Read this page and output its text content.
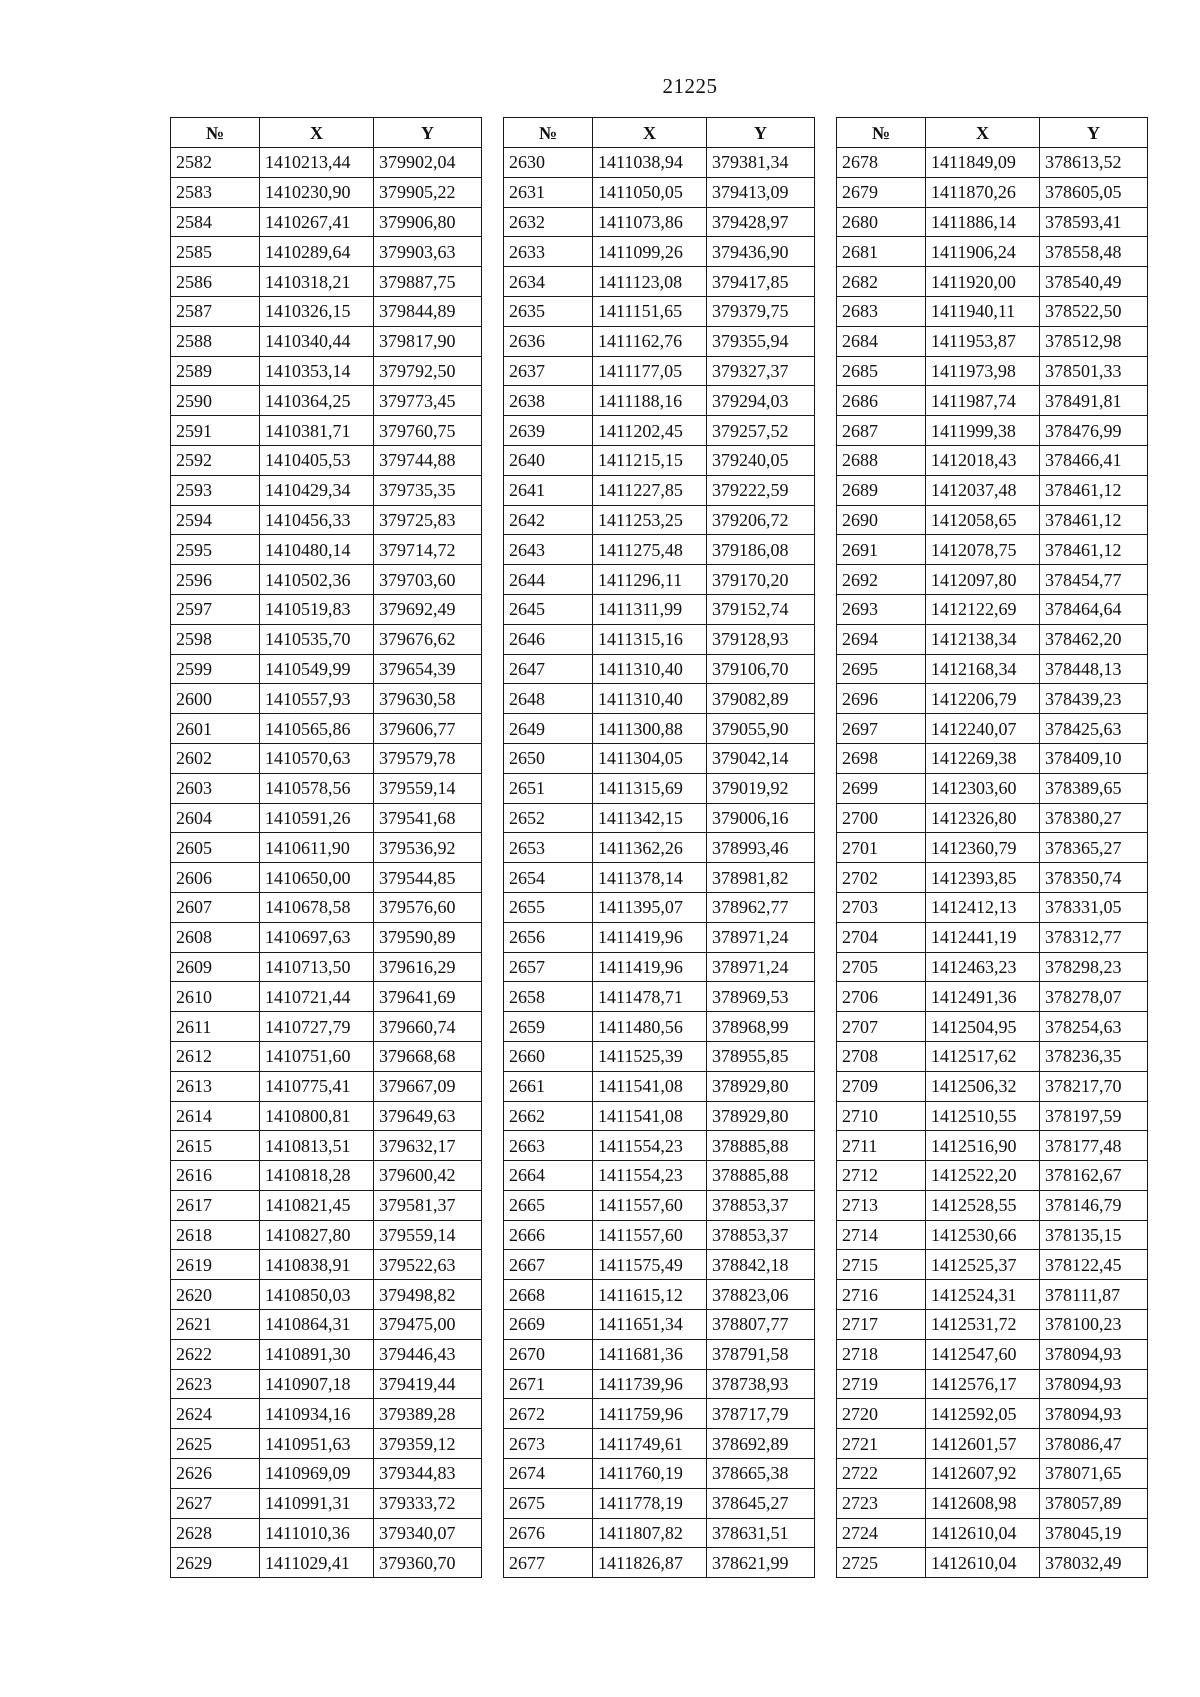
21225
№	X	Y
2582	1410213,44	379902,04
2583	1410230,90	379905,22
2584	1410267,41	379906,80
2585	1410289,64	379903,63
2586	1410318,21	379887,75
2587	1410326,15	379844,89
2588	1410340,44	379817,90
2589	1410353,14	379792,50
2590	1410364,25	379773,45
2591	1410381,71	379760,75
2592	1410405,53	379744,88
2593	1410429,34	379735,35
2594	1410456,33	379725,83
2595	1410480,14	379714,72
2596	1410502,36	379703,60
2597	1410519,83	379692,49
2598	1410535,70	379676,62
2599	1410549,99	379654,39
2600	1410557,93	379630,58
2601	1410565,86	379606,77
2602	1410570,63	379579,78
2603	1410578,56	379559,14
2604	1410591,26	379541,68
2605	1410611,90	379536,92
2606	1410650,00	379544,85
2607	1410678,58	379576,60
2608	1410697,63	379590,89
2609	1410713,50	379616,29
2610	1410721,44	379641,69
2611	1410727,79	379660,74
2612	1410751,60	379668,68
2613	1410775,41	379667,09
2614	1410800,81	379649,63
2615	1410813,51	379632,17
2616	1410818,28	379600,42
2617	1410821,45	379581,37
2618	1410827,80	379559,14
2619	1410838,91	379522,63
2620	1410850,03	379498,82
2621	1410864,31	379475,00
2622	1410891,30	379446,43
2623	1410907,18	379419,44
2624	1410934,16	379389,28
2625	1410951,63	379359,12
2626	1410969,09	379344,83
2627	1410991,31	379333,72
2628	1411010,36	379340,07
2629	1411029,41	379360,70
№	X	Y
2630	1411038,94	379381,34
2631	1411050,05	379413,09
2632	1411073,86	379428,97
2633	1411099,26	379436,90
2634	1411123,08	379417,85
2635	1411151,65	379379,75
2636	1411162,76	379355,94
2637	1411177,05	379327,37
2638	1411188,16	379294,03
2639	1411202,45	379257,52
2640	1411215,15	379240,05
2641	1411227,85	379222,59
2642	1411253,25	379206,72
2643	1411275,48	379186,08
2644	1411296,11	379170,20
2645	1411311,99	379152,74
2646	1411315,16	379128,93
2647	1411310,40	379106,70
2648	1411310,40	379082,89
2649	1411300,88	379055,90
2650	1411304,05	379042,14
2651	1411315,69	379019,92
2652	1411342,15	379006,16
2653	1411362,26	378993,46
2654	1411378,14	378981,82
2655	1411395,07	378962,77
2656	1411419,96	378971,24
2657	1411419,96	378971,24
2658	1411478,71	378969,53
2659	1411480,56	378968,99
2660	1411525,39	378955,85
2661	1411541,08	378929,80
2662	1411541,08	378929,80
2663	1411554,23	378885,88
2664	1411554,23	378885,88
2665	1411557,60	378853,37
2666	1411557,60	378853,37
2667	1411575,49	378842,18
2668	1411615,12	378823,06
2669	1411651,34	378807,77
2670	1411681,36	378791,58
2671	1411739,96	378738,93
2672	1411759,96	378717,79
2673	1411749,61	378692,89
2674	1411760,19	378665,38
2675	1411778,19	378645,27
2676	1411807,82	378631,51
2677	1411826,87	378621,99
№	X	Y
2678	1411849,09	378613,52
2679	1411870,26	378605,05
2680	1411886,14	378593,41
2681	1411906,24	378558,48
2682	1411920,00	378540,49
2683	1411940,11	378522,50
2684	1411953,87	378512,98
2685	1411973,98	378501,33
2686	1411987,74	378491,81
2687	1411999,38	378476,99
2688	1412018,43	378466,41
2689	1412037,48	378461,12
2690	1412058,65	378461,12
2691	1412078,75	378461,12
2692	1412097,80	378454,77
2693	1412122,69	378464,64
2694	1412138,34	378462,20
2695	1412168,34	378448,13
2696	1412206,79	378439,23
2697	1412240,07	378425,63
2698	1412269,38	378409,10
2699	1412303,60	378389,65
2700	1412326,80	378380,27
2701	1412360,79	378365,27
2702	1412393,85	378350,74
2703	1412412,13	378331,05
2704	1412441,19	378312,77
2705	1412463,23	378298,23
2706	1412491,36	378278,07
2707	1412504,95	378254,63
2708	1412517,62	378236,35
2709	1412506,32	378217,70
2710	1412510,55	378197,59
2711	1412516,90	378177,48
2712	1412522,20	378162,67
2713	1412528,55	378146,79
2714	1412530,66	378135,15
2715	1412525,37	378122,45
2716	1412524,31	378111,87
2717	1412531,72	378100,23
2718	1412547,60	378094,93
2719	1412576,17	378094,93
2720	1412592,05	378094,93
2721	1412601,57	378086,47
2722	1412607,92	378071,65
2723	1412608,98	378057,89
2724	1412610,04	378045,19
2725	1412610,04	378032,49
